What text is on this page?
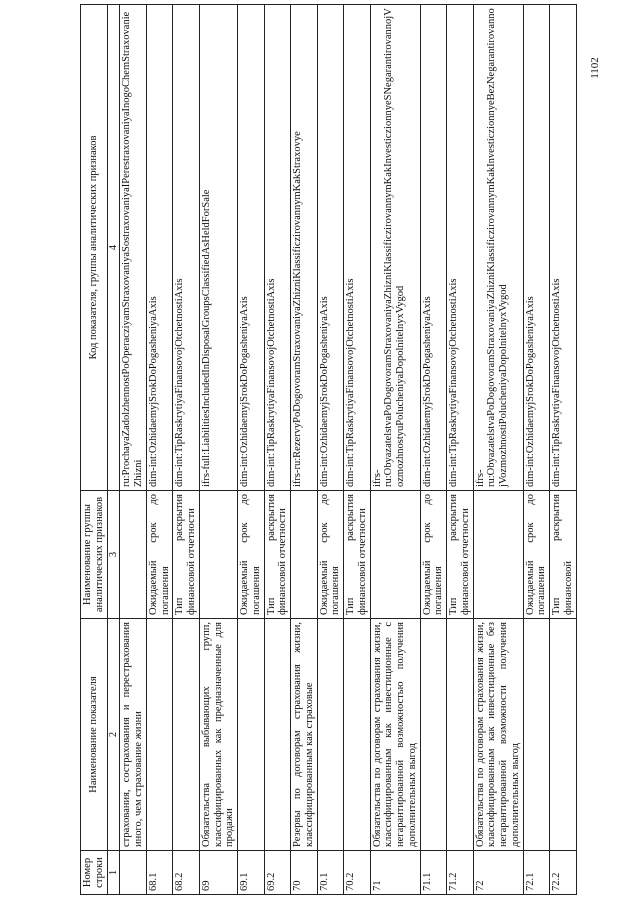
1102
Номер строки	Наименование показателя	Наименование группы аналитических признаков	Код показателя, группы аналитических признаков
1	2	3	4
	страхования, сострахования и перестрахования иного, чем страхование жизни		ru:ProchayaZadolzhennostPoOperacziyamStraxovaniyaSostraxovaniyaIPerestraxovaniyaInogoChemStraxovanieZhizni
68.1		Ожидаемый срок до погашения	dim-int:OzhidaemyjSrokDoPogasheniyaAxis
68.2		Тип раскрытия финансовой отчетности	dim-int:TipRaskrytiyaFinansovojOtchetnostiAxis
69	Обязательства выбывающих групп, классифицированных как предназначенные для продажи		ifrs-full:LiabilitiesIncludedInDisposalGroupsClassifiedAsHeldForSale
69.1		Ожидаемый срок до погашения	dim-int:OzhidaemyjSrokDoPogasheniyaAxis
69.2		Тип раскрытия финансовой отчетности	dim-int:TipRaskrytiyaFinansovojOtchetnostiAxis
70	Резервы по договорам страхования жизни, классифицированным как страховые		ifrs-ru:RezervyPoDogovoramStraxovaniyaZhizniKlassificzirovannymKakStraxovye
70.1		Ожидаемый срок до погашения	dim-int:OzhidaemyjSrokDoPogasheniyaAxis
70.2		Тип раскрытия финансовой отчетности	dim-int:TipRaskrytiyaFinansovojOtchetnostiAxis
71	Обязательства по договорам страхования жизни, классифицированным как инвестиционные с негарантированной возможностью получения дополнительных выгод		ifrs-ru:ObyazatelstvaPoDogovoramStraxovaniyaZhizniKlassificzirovannymKakInvesticzionnyeSNegarantirovannojVozmozhnostyuPolucheniyaDopolnitelnyxVygod
71.1		Ожидаемый срок до погашения	dim-int:OzhidaemyjSrokDoPogasheniyaAxis
71.2		Тип раскрытия финансовой отчетности	dim-int:TipRaskrytiyaFinansovojOtchetnostiAxis
72	Обязательства по договорам страхования жизни, классифицированным как инвестиционные без негарантированной возможности получения дополнительных выгод		ifrs-ru:ObyazatelstvaPoDogovoramStraxovaniyaZhizniKlassificzirovannymKakInvesticzionnyeBezNegarantirovannojVozmozhnostiPolucheniyaDopolnitelnyxVygod
72.1		Ожидаемый срок до погашения	dim-int:OzhidaemyjSrokDoPogasheniyaAxis
72.2		Тип раскрытия финансовой	dim-int:TipRaskrytiyaFinansovojOtchetnostiAxis
